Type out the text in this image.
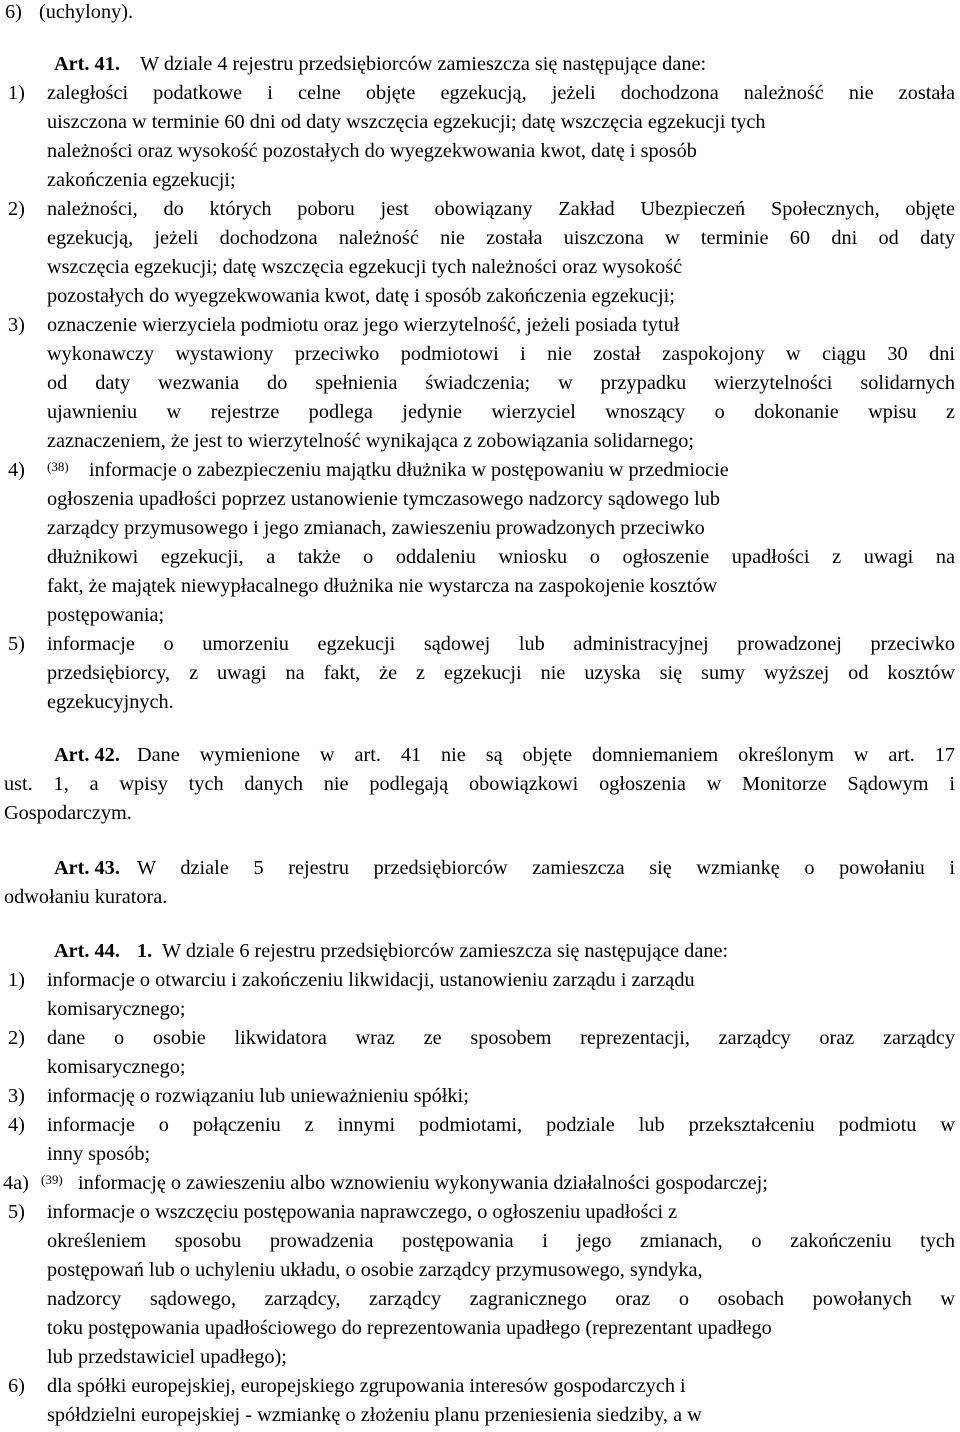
6) (uchylony).
Art. 41. W dziale 4 rejestru przedsiębiorców zamieszcza się następujące dane:
1) zaległości podatkowe i celne objęte egzekucją, jeżeli dochodzona należność nie została
uiszczona w terminie 60 dni od daty wszczęcia egzekucji; datę wszczęcia egzekucji tych
należności oraz wysokość pozostałych do wyegzekwowania kwot, datę i sposób
zakończenia egzekucji;
2) należności, do których poboru jest obowiązany Zakład Ubezpieczeń Społecznych, objęte
egzekucją, jeżeli dochodzona należność nie została uiszczona w terminie 60 dni od daty
wszczęcia egzekucji; datę wszczęcia egzekucji tych należności oraz wysokość
pozostałych do wyegzekwowania kwot, datę i sposób zakończenia egzekucji;
3) oznaczenie wierzyciela podmiotu oraz jego wierzytelność, jeżeli posiada tytuł
wykonawczy wystawiony przeciwko podmiotowi i nie został zaspokojony w ciągu 30 dni
od daty wezwania do spełnienia świadczenia; w przypadku wierzytelności solidarnych
ujawnieniu w rejestrze podlega jedynie wierzyciel wnoszący o dokonanie wpisu z
zaznaczeniem, że jest to wierzytelność wynikająca z zobowiązania solidarnego;
4) (38) informacje o zabezpieczeniu majątku dłużnika w postępowaniu w przedmiocie
ogłoszenia upadłości poprzez ustanowienie tymczasowego nadzorcy sądowego lub
zarządcy przymusowego i jego zmianach, zawieszeniu prowadzonych przeciwko
dłużnikowi egzekucji, a także o oddaleniu wniosku o ogłoszenie upadłości z uwagi na
fakt, że majątek niewypłacalnego dłużnika nie wystarcza na zaspokojenie kosztów
postępowania;
5) informacje o umorzeniu egzekucji sądowej lub administracyjnej prowadzonej przeciwko
przedsiębiorcy, z uwagi na fakt, że z egzekucji nie uzyska się sumy wyższej od kosztów
egzekucyjnych.
Art. 42. Dane wymienione w art. 41 nie są objęte domniemaniem określonym w art. 17
ust. 1, a wpisy tych danych nie podlegają obowiązkowi ogłoszenia w Monitorze Sądowym i
Gospodarczym.
Art. 43. W dziale 5 rejestru przedsiębiorców zamieszcza się wzmiankę o powołaniu i
odwołaniu kuratora.
Art. 44. 1. W dziale 6 rejestru przedsiębiorców zamieszcza się następujące dane:
1) informacje o otwarciu i zakończeniu likwidacji, ustanowieniu zarządu i zarządu
komisarycznego;
2) dane o osobie likwidatora wraz ze sposobem reprezentacji, zarządcy oraz zarządcy
komisarycznego;
3) informację o rozwiązaniu lub unieważnieniu spółki;
4) informacje o połączeniu z innymi podmiotami, podziale lub przekształceniu podmiotu w
inny sposób;
4a) (39) informację o zawieszeniu albo wznowieniu wykonywania działalności gospodarczej;
5) informacje o wszczęciu postępowania naprawczego, o ogłoszeniu upadłości z
określeniem sposobu prowadzenia postępowania i jego zmianach, o zakończeniu tych
postępowań lub o uchyleniu układu, o osobie zarządcy przymusowego, syndyka,
nadzorcy sądowego, zarządcy, zarządcy zagranicznego oraz o osobach powołanych w
toku postępowania upadłościowego do reprezentowania upadłego (reprezentant upadłego
lub przedstawiciel upadłego);
6) dla spółki europejskiej, europejskiego zgrupowania interesów gospodarczych i
spółdzielni europejskiej - wzmiankę o złożeniu planu przeniesienia siedziby, a w
